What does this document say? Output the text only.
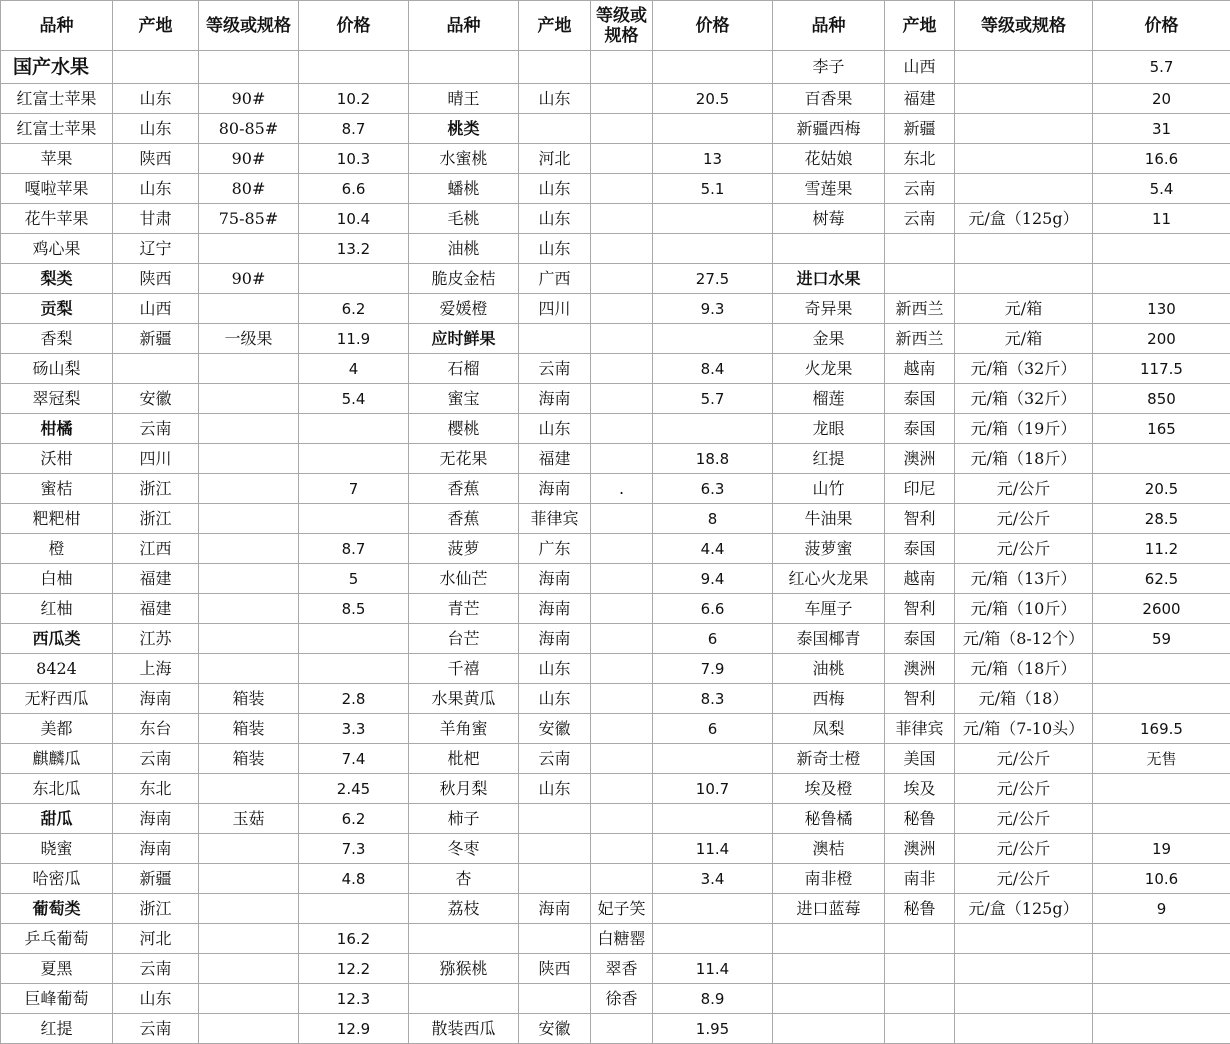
品种	产地	等级或规格	价格	品种	产地	等级或规格	价格	品种	产地	等级或规格	价格
国产水果								李子	山西		5.7
红富士苹果	山东	90#	10.2	晴王	山东		20.5	百香果	福建		20
红富士苹果	山东	80-85#	8.7	桃类				新疆西梅	新疆		31
苹果	陕西	90#	10.3	水蜜桃	河北		13	花姑娘	东北		16.6
嘎啦苹果	山东	80#	6.6	蟠桃	山东		5.1	雪莲果	云南		5.4
花牛苹果	甘肃	75-85#	10.4	毛桃	山东			树莓	云南	元/盒（125g）	11
鸡心果	辽宁		13.2	油桃	山东						
梨类	陕西	90#		脆皮金桔	广西		27.5	进口水果			
贡梨	山西		6.2	爱媛橙	四川		9.3	奇异果	新西兰	元/箱	130
香梨	新疆	一级果	11.9	应时鲜果				金果	新西兰	元/箱	200
砀山梨			4	石榴	云南		8.4	火龙果	越南	元/箱（32斤）	117.5
翠冠梨	安徽		5.4	蜜宝	海南		5.7	榴莲	泰国	元/箱（32斤）	850
柑橘	云南			樱桃	山东			龙眼	泰国	元/箱（19斤）	165
沃柑	四川			无花果	福建		18.8	红提	澳洲	元/箱（18斤）	
蜜桔	浙江		7	香蕉	海南	.	6.3	山竹	印尼	元/公斤	20.5
粑粑柑	浙江			香蕉	菲律宾		8	牛油果	智利	元/公斤	28.5
橙	江西		8.7	菠萝	广东		4.4	菠萝蜜	泰国	元/公斤	11.2
白柚	福建		5	水仙芒	海南		9.4	红心火龙果	越南	元/箱（13斤）	62.5
红柚	福建		8.5	青芒	海南		6.6	车厘子	智利	元/箱（10斤）	2600
西瓜类	江苏			台芒	海南		6	泰国椰青	泰国	元/箱（8-12个）	59
8424	上海			千禧	山东		7.9	油桃	澳洲	元/箱（18斤）	
无籽西瓜	海南	箱装	2.8	水果黄瓜	山东		8.3	西梅	智利	元/箱（18）	
美都	东台	箱装	3.3	羊角蜜	安徽		6	凤梨	菲律宾	元/箱（7-10头）	169.5
麒麟瓜	云南	箱装	7.4	枇杷	云南			新奇士橙	美国	元/公斤	无售
东北瓜	东北		2.45	秋月梨	山东		10.7	埃及橙	埃及	元/公斤	
甜瓜	海南	玉菇	6.2	柿子				秘鲁橘	秘鲁	元/公斤	
晓蜜	海南		7.3	冬枣			11.4	澳桔	澳洲	元/公斤	19
哈密瓜	新疆		4.8	杏			3.4	南非橙	南非	元/公斤	10.6
葡萄类	浙江			荔枝	海南	妃子笑		进口蓝莓	秘鲁	元/盒（125g）	9
乒乓葡萄	河北		16.2			白糖罂					
夏黑	云南		12.2	猕猴桃	陕西	翠香	11.4				
巨峰葡萄	山东		12.3			徐香	8.9				
红提	云南		12.9	散装西瓜	安徽		1.95				
